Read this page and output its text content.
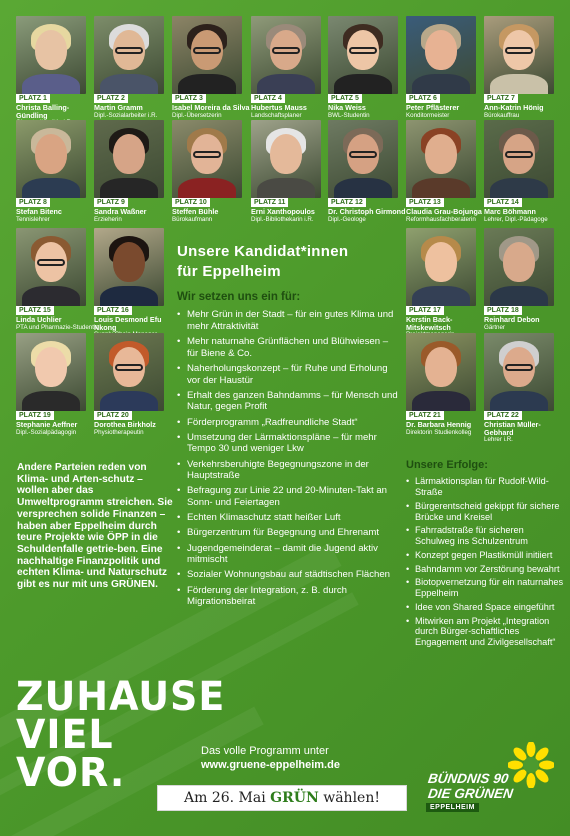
PLATZ 1
Christa Balling-Gündling
PLATZ 2
Martin Gramm
Dipl.-Sozialarbeiter i.R.
PLATZ 3
Isabel Moreira da Silva
Dipl.-Übersetzerin
PLATZ 4
Hubertus Mauss
Landschaftsplaner
PLATZ 5
Nika Weiss
BWL-Studentin
PLATZ 6
Peter Pflästerer
Konditormeister
PLATZ 7
Ann-Katrin Hönig
Bürokauffrau
PLATZ 8
Stefan Bitenc
Tennislehrer
PLATZ 9
Sandra Waßner
Erzieherin
PLATZ 10
Steffen Bühle
Bürokaufmann
PLATZ 11
Erni Xanthopoulos
Dipl.-Bibliothekarin i.R.
PLATZ 12
Dr. Christoph Girmond
Dipl.-Geologe
PLATZ 13
Claudia Grau-Bojunga
Reformhausfachberaterin
PLATZ 14
Marc Böhmann
Lehrer, Dipl.-Pädagoge
PLATZ 15
Linda Uchlier
PTA und Pharmazie-Studentin
PLATZ 16
Louis Desmond Efu Nkong
PLATZ 17
Kerstin Back-Mitskewitsch
PLATZ 18
Reinhard Debon
Gärtner
PLATZ 19
Stephanie Aeffner
Dipl.-Sozialpädagogin
PLATZ 20
Dorothea Birkholz
Physiotherapeutin
PLATZ 21
Dr. Barbara Hennig
Direktorin Studienkolleg
PLATZ 22
Christian Müller-Gebhard
Lehrer i.R.
Unsere Kandidat*innen
für Eppelheim
Wir setzen uns ein für:
• Mehr Grün in der Stadt – für ein gutes Klima und mehr Attraktivität
• Mehr naturnahe Grünflächen und Blühwiesen – für Biene & Co.
• Naherholungskonzept – für Ruhe und Erholung vor der Haustür
• Erhalt des ganzen Bahndamms – für Mensch und Natur, gegen Profit
• Förderprogramm „Radfreundliche Stadt“
• Umsetzung der Lärmaktionspläne – für mehr Tempo 30 und weniger Lkw
• Verkehrsberuhigte Begegnungszone in der Hauptstraße
• Befragung zur Linie 22 und 20-Minuten-Takt an Sonn- und Feiertagen
• Echten Klimaschutz statt heißer Luft
• Bürgerzentrum für Begegnung und Ehrenamt
• Jugendgemeinderat – damit die Jugend aktiv mitmischt
• Sozialer Wohnungsbau auf städtischen Flächen
• Förderung der Integration, z. B. durch Migrationsbeirat
Andere Parteien reden von Klima- und Arten-schutz – wollen aber das Umweltprogramm streichen. Sie versprechen solide Finanzen – haben aber Eppelheim durch teure Projekte wie ÖPP in die Schuldenfalle getrie-ben. Eine nachhaltige Finanzpolitik und echten Klima- und Naturschutz gibt es nur mit uns GRÜNEN.
Unsere Erfolge:
• Lärmaktionsplan für Rudolf-Wild-Straße
• Bürgerentscheid gekippt für sichere Brücke und Kreisel
• Fahrradstraße für sicheren Schulweg ins Schulzentrum
• Konzept gegen Plastikmüll initiiert
• Bahndamm vor Zerstörung bewahrt
• Biotopvernetzung für ein naturnahes Eppelheim
• Idee von Shared Space eingeführt
• Mitwirken am Projekt „Integration durch Bürger-schaftliches Engagement und Zivilgesellschaft“
ZUHAUSE
VIEL
VOR.	Das volle Programm unter
www.gruene-eppelheim.de
Am 26. Mai GRÜN wählen!
BÜNDNIS 90
DIE GRÜNEN
EPPELHEIM
